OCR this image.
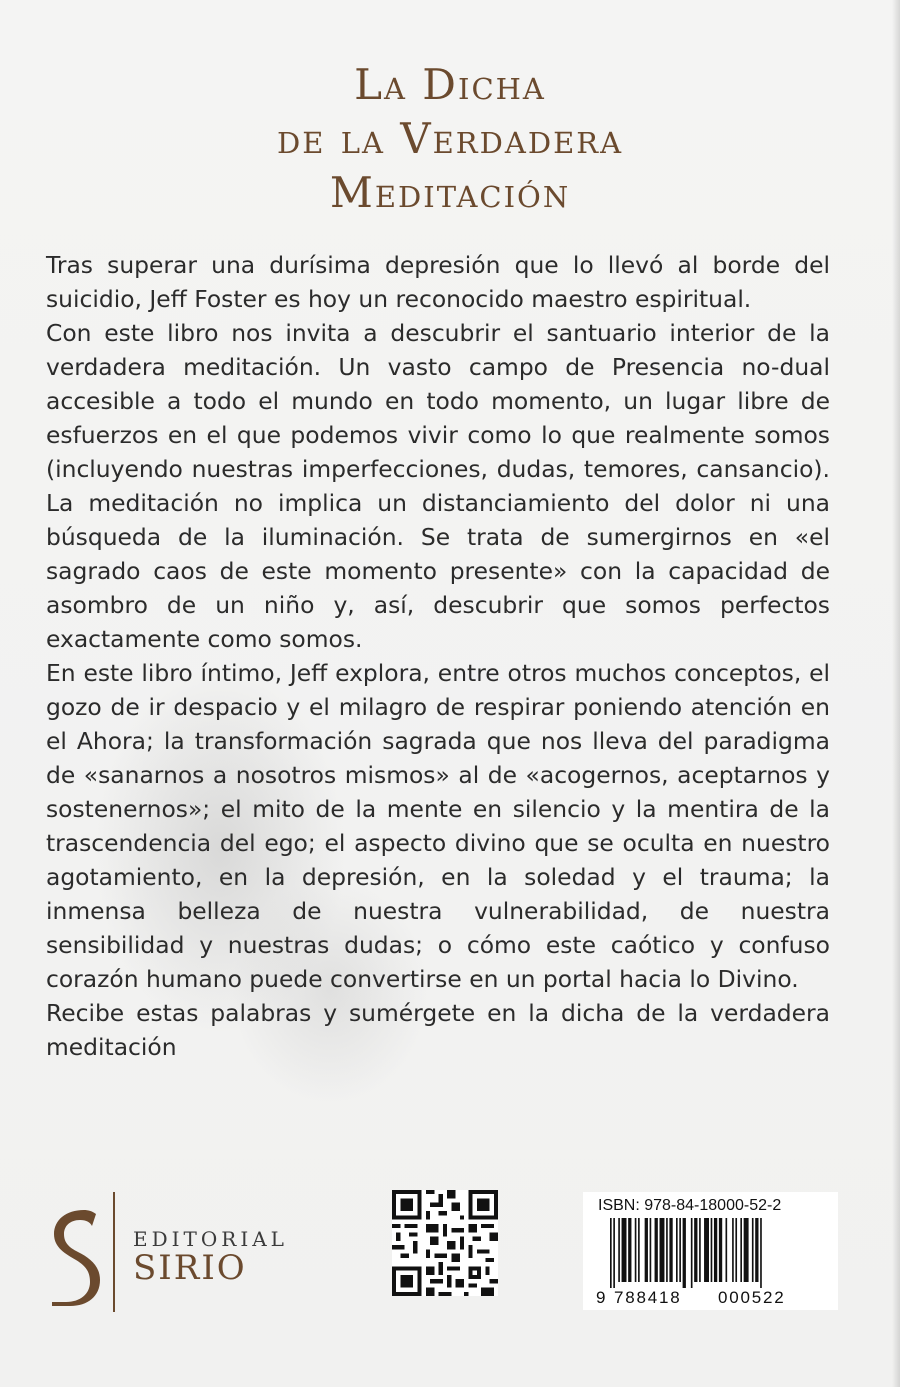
La Dicha
de la Verdadera
Meditación

Tras superar una durísima depresión que lo llevó al borde del suicidio, Jeff Foster es hoy un reconocido maestro espiritual.

Con este libro nos invita a descubrir el santuario interior de la verdadera meditación. Un vasto campo de Presencia no-dual accesible a todo el mundo en todo momento, un lugar libre de esfuerzos en el que podemos vivir como lo que realmente somos (incluyendo nuestras imperfecciones, dudas, temores, cansancio). La meditación no implica un distanciamiento del dolor ni una búsqueda de la iluminación. Se trata de sumergirnos en «el sagrado caos de este momento presente» con la capacidad de asombro de un niño y, así, descubrir que somos perfectos exactamente como somos.

En este libro íntimo, Jeff explora, entre otros muchos conceptos, el gozo de ir despacio y el milagro de respirar poniendo atención en el Ahora; la transformación sagrada que nos lleva del paradigma de «sanarnos a nosotros mismos» al de «acogernos, aceptarnos y sostenernos»; el mito de la mente en silencio y la mentira de la trascendencia del ego; el aspecto divino que se oculta en nuestro agotamiento, en la depresión, en la soledad y el trauma; la inmensa belleza de nuestra vulnerabilidad, de nuestra sensibilidad y nuestras dudas; o cómo este caótico y confuso corazón humano puede convertirse en un portal hacia lo Divino.

Recibe estas palabras y sumérgete en la dicha de la verdadera meditación

EDITORIAL
SIRIO
ISBN: 978-84-18000-52-2
9 788418 000522
